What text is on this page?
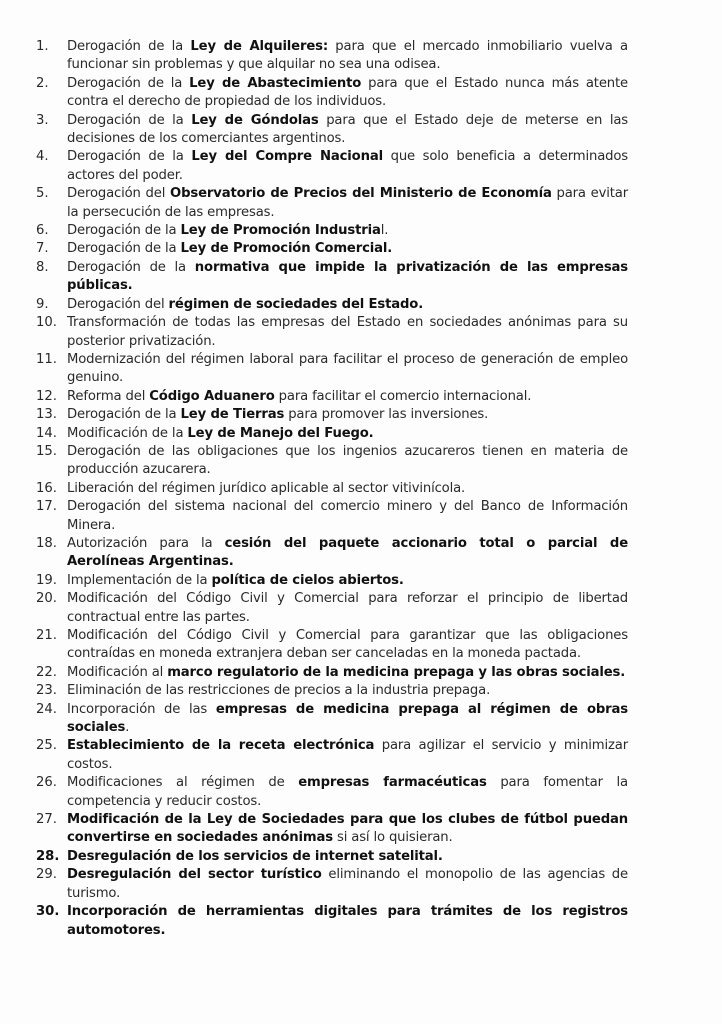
1.	Derogación de la Ley de Alquileres: para que el mercado inmobiliario vuelva a funcionar sin problemas y que alquilar no sea una odisea.
2.	Derogación de la Ley de Abastecimiento para que el Estado nunca más atente contra el derecho de propiedad de los individuos.
3.	Derogación de la Ley de Góndolas para que el Estado deje de meterse en las decisiones de los comerciantes argentinos.
4.	Derogación de la Ley del Compre Nacional que solo beneficia a determinados actores del poder.
5.	Derogación del Observatorio de Precios del Ministerio de Economía para evitar la persecución de las empresas.
6.	Derogación de la Ley de Promoción Industrial.
7.	Derogación de la Ley de Promoción Comercial.
8.	Derogación de la normativa que impide la privatización de las empresas públicas.
9.	Derogación del régimen de sociedades del Estado.
10. Transformación de todas las empresas del Estado en sociedades anónimas para su posterior privatización.
11. Modernización del régimen laboral para facilitar el proceso de generación de empleo genuino.
12. Reforma del Código Aduanero para facilitar el comercio internacional.
13. Derogación de la Ley de Tierras para promover las inversiones.
14. Modificación de la Ley de Manejo del Fuego.
15. Derogación de las obligaciones que los ingenios azucareros tienen en materia de producción azucarera.
16. Liberación del régimen jurídico aplicable al sector vitivinícola.
17. Derogación del sistema nacional del comercio minero y del Banco de Información Minera.
18. Autorización para la cesión del paquete accionario total o parcial de Aerolíneas Argentinas.
19. Implementación de la política de cielos abiertos.
20. Modificación del Código Civil y Comercial para reforzar el principio de libertad contractual entre las partes.
21. Modificación del Código Civil y Comercial para garantizar que las obligaciones contraídas en moneda extranjera deban ser canceladas en la moneda pactada.
22. Modificación al marco regulatorio de la medicina prepaga y las obras sociales.
23. Eliminación de las restricciones de precios a la industria prepaga.
24. Incorporación de las empresas de medicina prepaga al régimen de obras sociales.
25. Establecimiento de la receta electrónica para agilizar el servicio y minimizar costos.
26. Modificaciones al régimen de empresas farmacéuticas para fomentar la competencia y reducir costos.
27. Modificación de la Ley de Sociedades para que los clubes de fútbol puedan convertirse en sociedades anónimas si así lo quisieran.
28. Desregulación de los servicios de internet satelital.
29. Desregulación del sector turístico eliminando el monopolio de las agencias de turismo.
30. Incorporación de herramientas digitales para trámites de los registros automotores.
